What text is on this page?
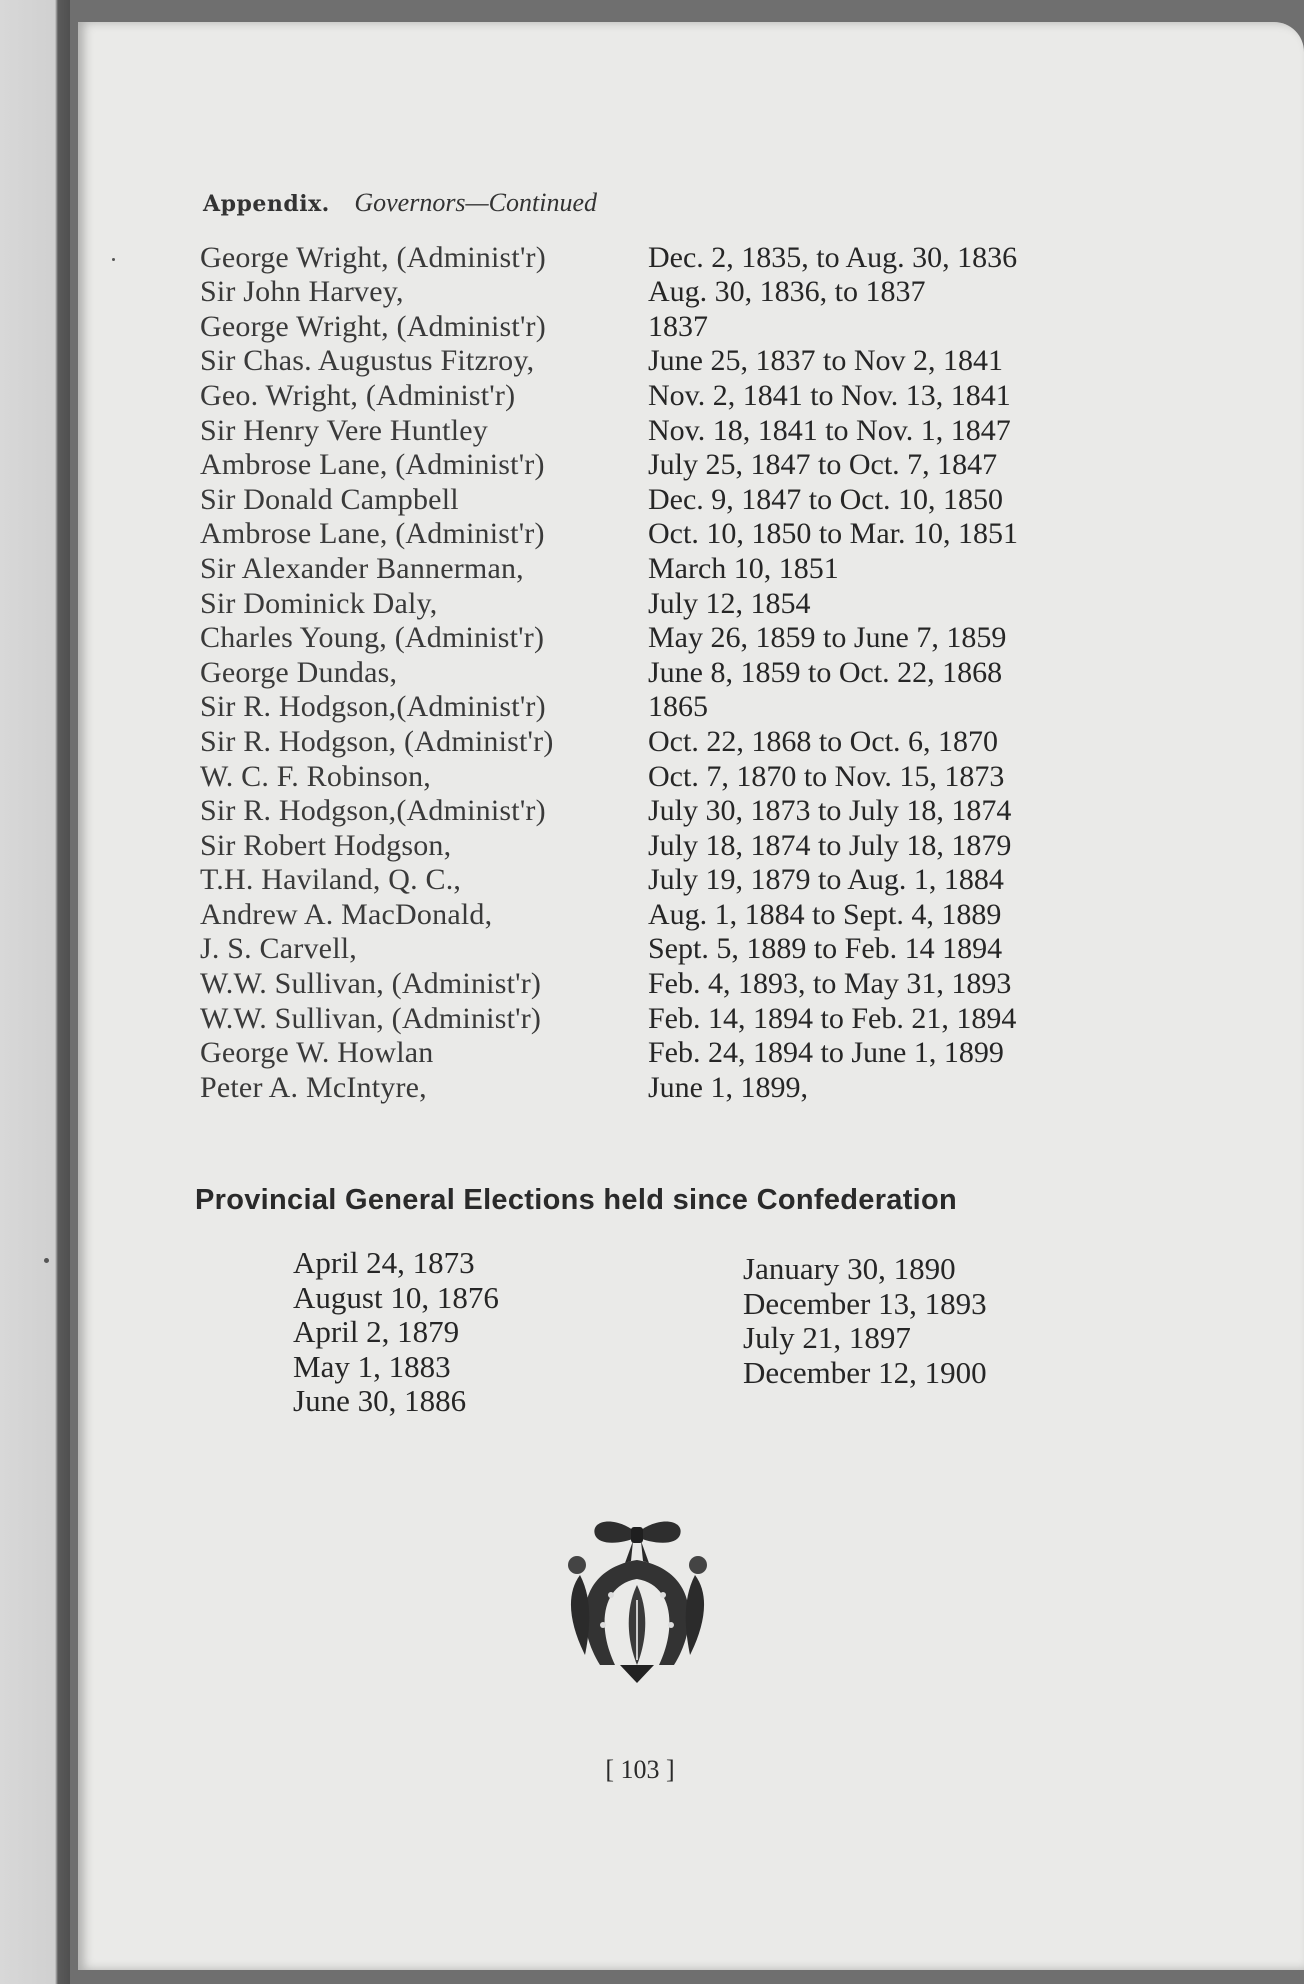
Appendix. Governors—Continued
George Wright, (Administ'r)	Dec. 2, 1835, to Aug. 30, 1836
Sir John Harvey,	Aug. 30, 1836, to 1837
George Wright, (Administ'r)	1837
Sir Chas. Augustus Fitzroy,	June 25, 1837 to Nov 2, 1841
Geo. Wright, (Administ'r)	Nov. 2, 1841 to Nov. 13, 1841
Sir Henry Vere Huntley	Nov. 18, 1841 to Nov. 1, 1847
Ambrose Lane, (Administ'r)	July 25, 1847 to Oct. 7, 1847
Sir Donald Campbell	Dec. 9, 1847 to Oct. 10, 1850
Ambrose Lane, (Administ'r)	Oct. 10, 1850 to Mar. 10, 1851
Sir Alexander Bannerman,	March 10, 1851
Sir Dominick Daly,	July 12, 1854
Charles Young, (Administ'r)	May 26, 1859 to June 7, 1859
George Dundas,	June 8, 1859 to Oct. 22, 1868
Sir R. Hodgson,(Administ'r)	1865
Sir R. Hodgson, (Administ'r)	Oct. 22, 1868 to Oct. 6, 1870
W. C. F. Robinson,	Oct. 7, 1870 to Nov. 15, 1873
Sir R. Hodgson,(Administ'r)	July 30, 1873 to July 18, 1874
Sir Robert Hodgson,	July 18, 1874 to July 18, 1879
T.H. Haviland, Q. C.,	July 19, 1879 to Aug. 1, 1884
Andrew A. MacDonald,	Aug. 1, 1884 to Sept. 4, 1889
J. S. Carvell,	Sept. 5, 1889 to Feb. 14 1894
W.W. Sullivan, (Administ'r)	Feb. 4, 1893, to May 31, 1893
W.W. Sullivan, (Administ'r)	Feb. 14, 1894 to Feb. 21, 1894
George W. Howlan	Feb. 24, 1894 to June 1, 1899
Peter A. McIntyre,	June 1, 1899,
Provincial General Elections held since Confederation
April 24, 1873
August 10, 1876
April 2, 1879
May 1, 1883
June 30, 1886
January 30, 1890
December 13, 1893
July 21, 1897
December 12, 1900
[ 103 ]
